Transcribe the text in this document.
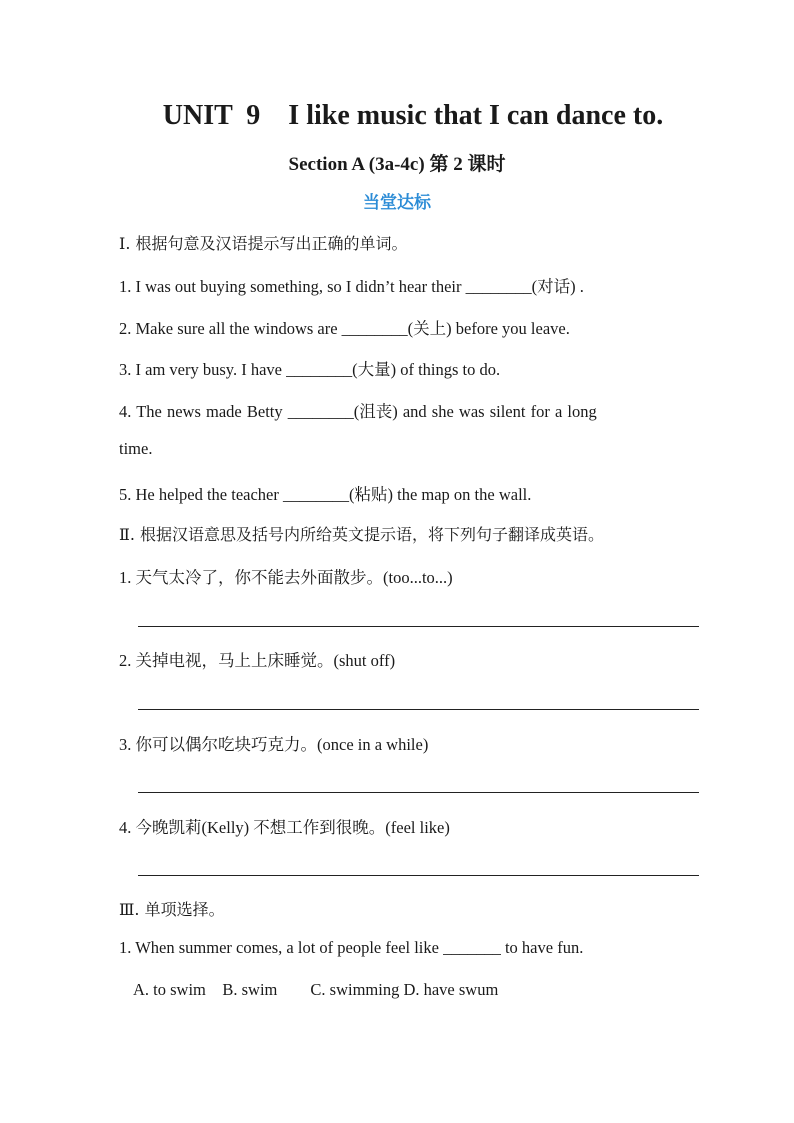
UNIT  9    I like music that I can dance to.
Section A (3a-4c) 第 2 课时
当堂达标
Ⅰ. 根据句意及汉语提示写出正确的单词。
1. I was out buying something, so I didn’t hear their ________(对话) .
2. Make sure all the windows are ________(关上) before you leave.
3. I am very busy. I have ________(大量) of things to do.
4. The news made Betty ________(沮丧) and she was silent for a long
time.
5. He helped the teacher ________(粘贴) the map on the wall.
Ⅱ. 根据汉语意思及括号内所给英文提示语，将下列句子翻译成英语。
1. 天气太冷了，你不能去外面散步。(too...to...)
2. 关掉电视，马上上床睡觉。(shut off)
3. 你可以偶尔吃块巧克力。(once in a while)
4. 今晚凯莉(Kelly) 不想工作到很晚。(feel like)
Ⅲ. 单项选择。
1. When summer comes, a lot of people feel like _______ to have fun.
A. to swim    B. swim        C. swimming D. have swum
